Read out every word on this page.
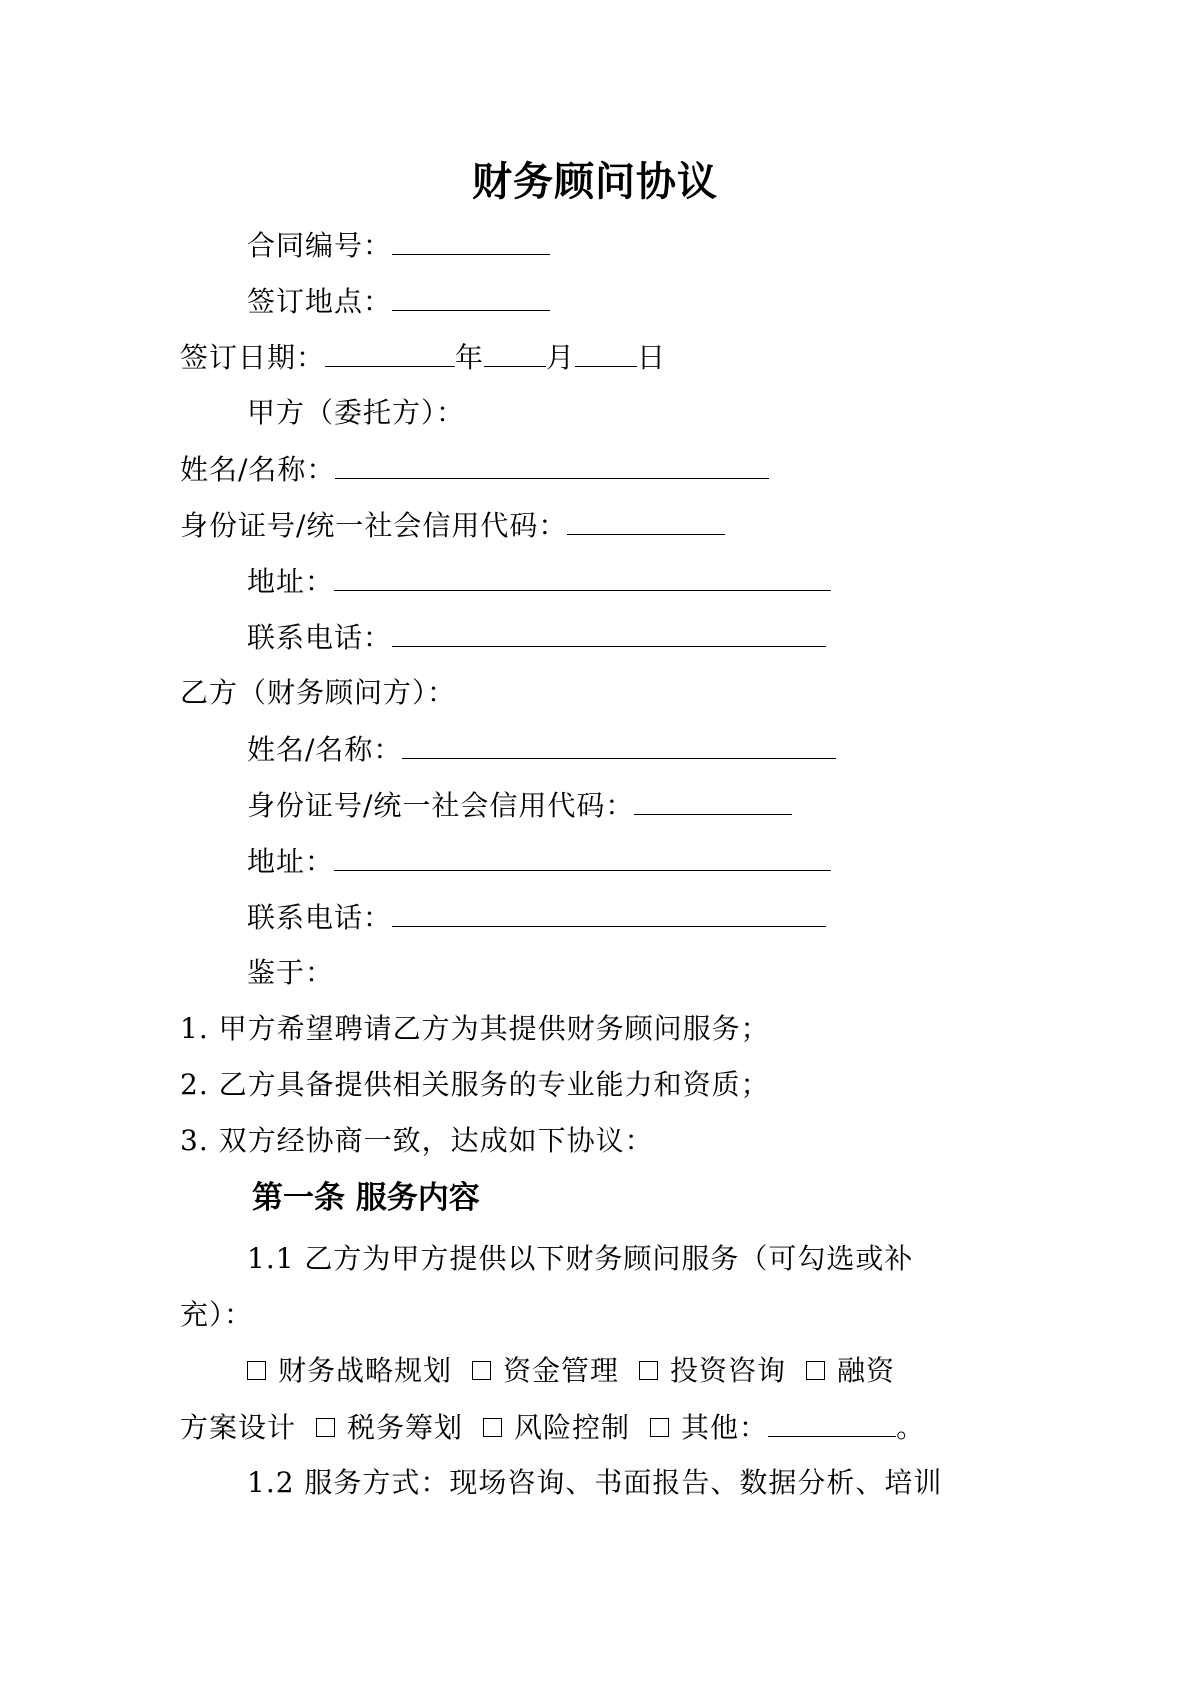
财务顾问协议
合同编号：
签订地点：
签订日期：	年 月 日
甲方（委托方）：
姓名/名称：
身份证号/统一社会信用代码：
地址：
联系电话：
乙方（财务顾问方）：
姓名/名称：
身份证号/统一社会信用代码：
地址：
联系电话：
鉴于：
1. 甲方希望聘请乙方为其提供财务顾问服务；
2. 乙方具备提供相关服务的专业能力和资质；
3. 双方经协商一致，达成如下协议：
第一条 服务内容
1.1 乙方为甲方提供以下财务顾问服务（可勾选或补
充）：
财务战略规划 资金管理 投资咨询 融资
方案设计 税务筹划 风险控制 其他：	。
1.2 服务方式：现场咨询、书面报告、数据分析、培训
